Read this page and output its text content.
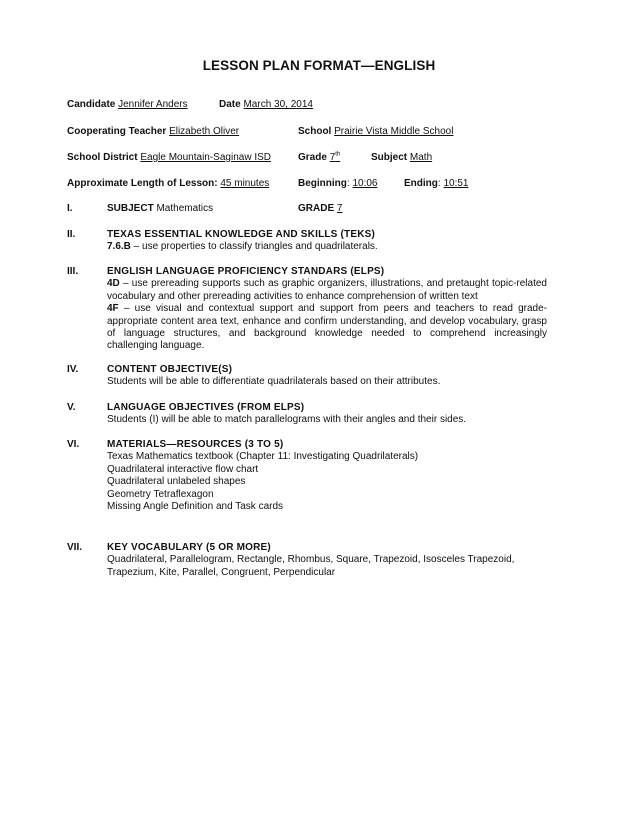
LESSON PLAN FORMAT—ENGLISH
Candidate Jennifer Anders	Date March 30, 2014
Cooperating Teacher Elizabeth Oliver	School Prairie Vista Middle School
School District Eagle Mountain-Saginaw ISD	Grade 7th	Subject Math
Approximate Length of Lesson: 45 minutes	Beginning: 10:06	Ending: 10:51
I.	SUBJECT Mathematics	GRADE 7
II.	TEXAS ESSENTIAL KNOWLEDGE AND SKILLS (TEKS)
7.6.B – use properties to classify triangles and quadrilaterals.
III.	ENGLISH LANGUAGE PROFICIENCY STANDARS (ELPS)
4D – use prereading supports such as graphic organizers, illustrations, and pretaught topic-related vocabulary and other prereading activities to enhance comprehension of written text
4F – use visual and contextual support and support from peers and teachers to read grade-appropriate content area text, enhance and confirm understanding, and develop vocabulary, grasp of language structures, and background knowledge needed to comprehend increasingly challenging language.
IV.	CONTENT OBJECTIVE(S)
Students will be able to differentiate quadrilaterals based on their attributes.
V.	LANGUAGE OBJECTIVES (FROM ELPS)
Students (I) will be able to match parallelograms with their angles and their sides.
VI.	MATERIALS—RESOURCES (3 TO 5)
Texas Mathematics textbook (Chapter 11: Investigating Quadrilaterals)
Quadrilateral interactive flow chart
Quadrilateral unlabeled shapes
Geometry Tetraflexagon
Missing Angle Definition and Task cards
VII. KEY VOCABULARY (5 OR MORE)
Quadrilateral, Parallelogram, Rectangle, Rhombus, Square, Trapezoid, Isosceles Trapezoid, Trapezium, Kite, Parallel, Congruent, Perpendicular
